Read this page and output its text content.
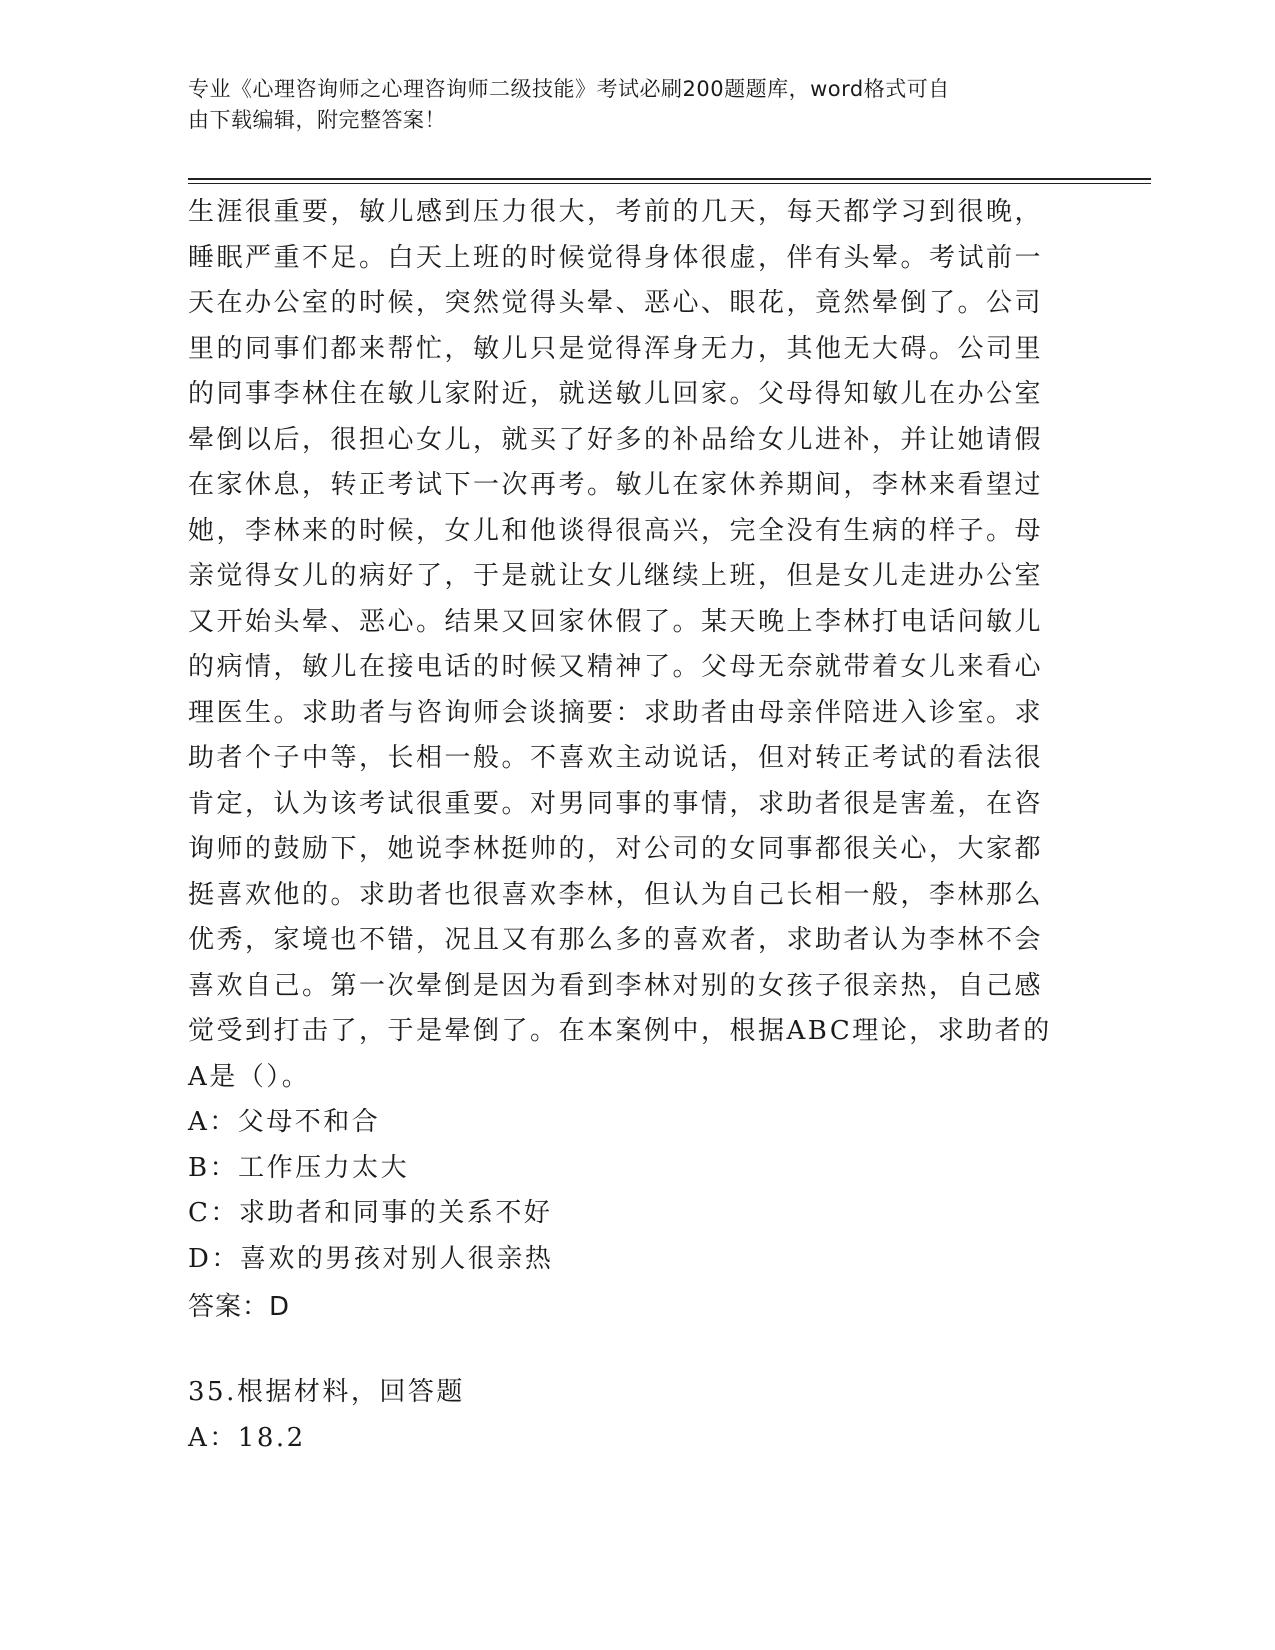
专业《心理咨询师之心理咨询师二级技能》考试必刷200题题库，word格式可自
由下载编辑，附完整答案！
生涯很重要，敏儿感到压力很大，考前的几天，每天都学习到很晚，
睡眠严重不足。白天上班的时候觉得身体很虚，伴有头晕。考试前一
天在办公室的时候，突然觉得头晕、恶心、眼花，竟然晕倒了。公司
里的同事们都来帮忙，敏儿只是觉得浑身无力，其他无大碍。公司里
的同事李林住在敏儿家附近，就送敏儿回家。父母得知敏儿在办公室
晕倒以后，很担心女儿，就买了好多的补品给女儿进补，并让她请假
在家休息，转正考试下一次再考。敏儿在家休养期间，李林来看望过
她，李林来的时候，女儿和他谈得很高兴，完全没有生病的样子。母
亲觉得女儿的病好了，于是就让女儿继续上班，但是女儿走进办公室
又开始头晕、恶心。结果又回家休假了。某天晚上李林打电话问敏儿
的病情，敏儿在接电话的时候又精神了。父母无奈就带着女儿来看心
理医生。求助者与咨询师会谈摘要：求助者由母亲伴陪进入诊室。求
助者个子中等，长相一般。不喜欢主动说话，但对转正考试的看法很
肯定，认为该考试很重要。对男同事的事情，求助者很是害羞，在咨
询师的鼓励下，她说李林挺帅的，对公司的女同事都很关心，大家都
挺喜欢他的。求助者也很喜欢李林，但认为自己长相一般，李林那么
优秀，家境也不错，况且又有那么多的喜欢者，求助者认为李林不会
喜欢自己。第一次晕倒是因为看到李林对别的女孩子很亲热，自己感
觉受到打击了，于是晕倒了。在本案例中，根据ABC理论，求助者的
A是（）。
A：父母不和合
B：工作压力太大
C：求助者和同事的关系不好
D：喜欢的男孩对别人很亲热
答案：D
35.根据材料，回答题
A：18.2
